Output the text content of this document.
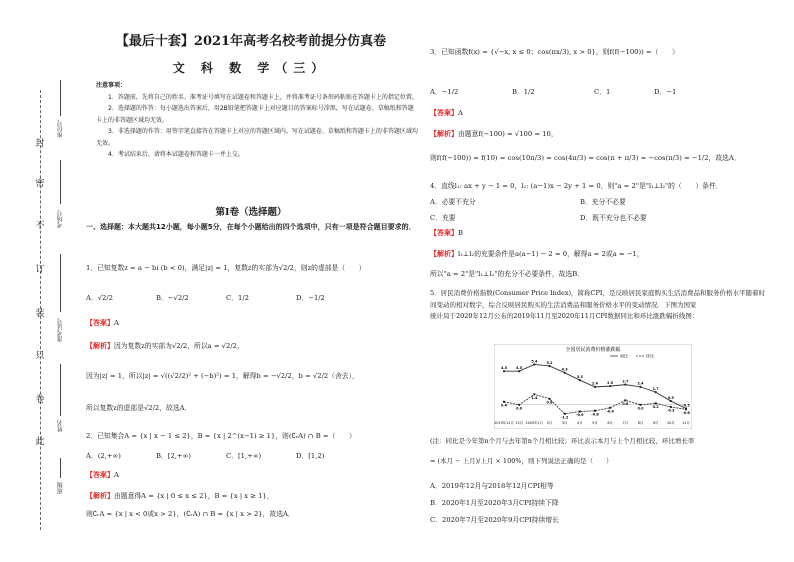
封
密
不
订
装
只
卷
此
座位号
考场号
准考证号
姓名
班级
【最后十套】2021年高考名校考前提分仿真卷
文 科 数 学（三）
注意事项：
1．答题前，先将自己的姓名、准考证号填写在试题卷和答题卡上，并将准考证号条形码粘贴在答题卡上的指定位置。
2．选择题的作答：每小题选出答案后，用2B铅笔把答题卡上对应题目的答案标号涂黑，写在试题卷、草稿纸和答题卡上的非答题区域均无效。
3．非选择题的作答：用签字笔直接答在答题卡上对应的答题区域内。写在试题卷、草稿纸和答题卡上的非答题区域均无效。
4．考试结束后，请将本试题卷和答题卡一并上交。
第Ⅰ卷（选择题）
一、选择题：本大题共12小题，每小题5分，在每个小题给出的四个选项中，只有一项是符合题目要求的．
1．已知复数z = a − bi (b < 0)，满足|z| = 1，复数z的实部为√2/2，则z的虚部是（　　）
A．√2/2	B．−√2/2	C．1/2	D．−1/2
【答案】A
【解析】因为复数z的实部为√2/2，所以a = √2/2，
因为|z| = 1，所以|z| = √((√2/2)² + (−b)²) = 1，解得b = −√2/2，b = √2/2（舍去），
所以复数z的虚部是√2/2，故选A．
2．已知集合A = {x | x − 1 ≤ 2}，B = {x | 2^(x−1) ≥ 1}，则(∁ᵣA) ∩ B =（　　）
A．(2,+∞)	B．[2,+∞)	C．[1,+∞)	D．[1,2)
【答案】A
【解析】由题意得A = {x | 0 ≤ x ≤ 2}，B = {x | x ≥ 1}，
则∁ᵣA = {x | x < 0或x > 2}，(∁ᵣA) ∩ B = {x | x > 2}，故选A．
3．已知函数f(x) = {√−x, x ≤ 0；cos(πx/3), x > 0}，则f(f(−100)) =（　　）
A．−1/2	B．1/2	C．1	D．−1
【答案】A
【解析】由题意f(−100) = √100 = 10，
则f(f(−100)) = f(10) = cos(10π/3) = cos(4π/3) = cos(π + π/3) = −cos(π/3) = −1/2，故选A．
4．直线l₁: ax + y − 1 = 0，l₂: (a−1)x − 2y + 1 = 0，则"a = 2"是"l₁⊥l₂"的（　　）条件．
A．必要不充分	B．充分不必要
C．充要	D．既不充分也不必要
【答案】B
【解析】l₁⊥l₂的充要条件是a(a−1) − 2 = 0，解得a = 2或a = −1，
所以"a = 2"是"l₁⊥l₂"的充分不必要条件，故选B．
5．居民消费价格指数(Consumer Price Index)，简称CPI，是反映居民家庭购买生活消费品和服务价格水平随着时间变动的相对数字，综合反映居民购买的生活消费品和服务价格水平的变动情况．下图为国家
统计局于2020年12月公布的2019年11月至2020年11月CPI数据同比和环比涨跌幅折线图：
全国居民消费价格涨跌幅
同比	环比
2019年11月 12月 2020年1月 2月	3月	4月	5月	6月	7月	8月	9月	10月 11月
4.5	4.5
5.4	5.2
4.3
3.3
2.4	2.5	2.7
2.4
1.7
0.5
-0.5
0.4
0.0
1.4
0.8
-1.2
-0.9 -0.8
-0.4
0.6
0.0	0.2
-0.3
-0.6
(注：同比是今年第n个月与去年第n个月相比较；环比表示本月与上个月相比较，环比增长率
= (本月 − 上月)/上月 × 100%，则下列说法正确的是（　　）
A．2019年12月与2018年12月CPI相等
B．2020年1月至2020年3月CPI持续下降
C．2020年7月至2020年9月CPI持续增长
